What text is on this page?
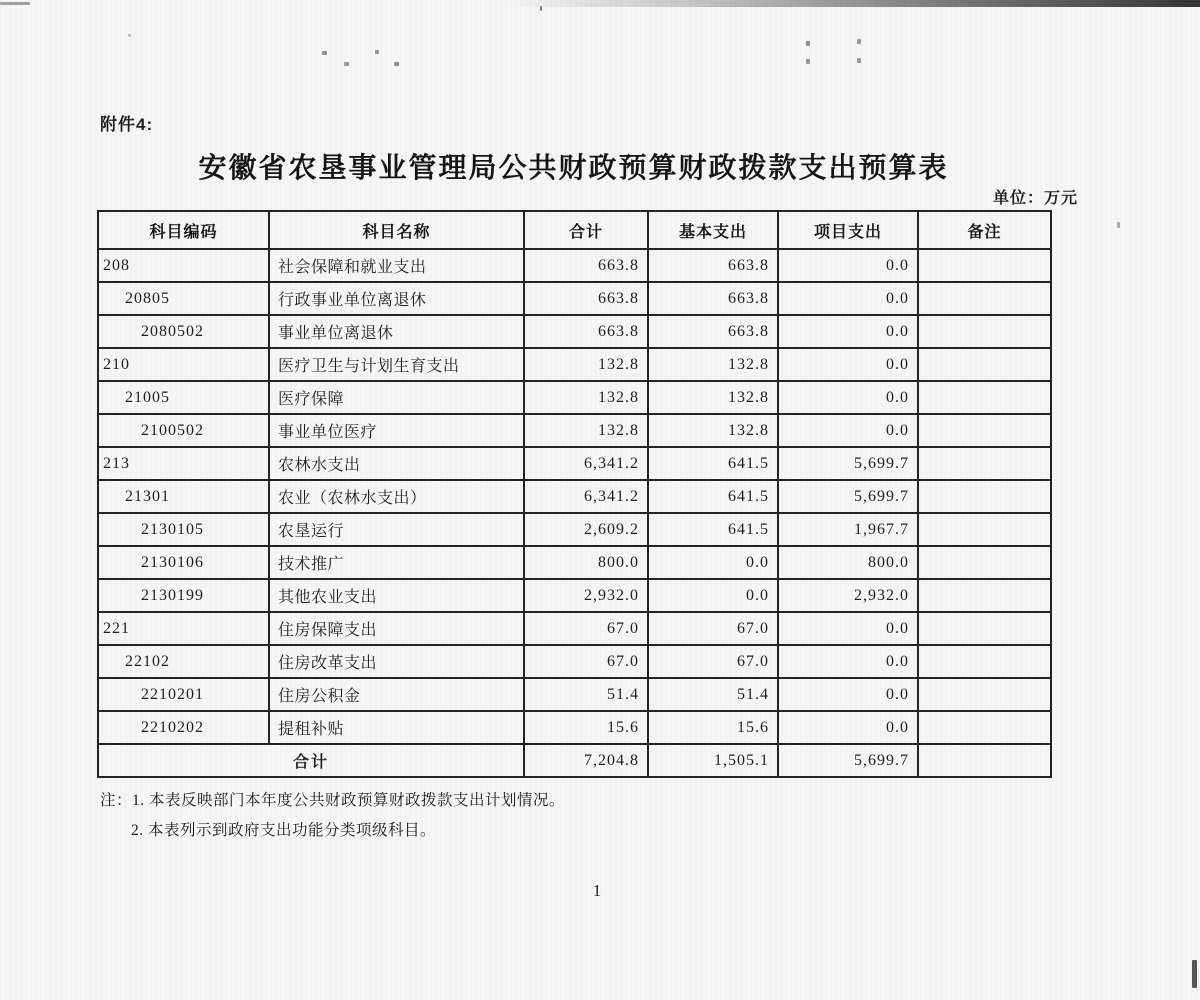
附件4:
安徽省农垦事业管理局公共财政预算财政拨款支出预算表
单位：万元
科目编码	科目名称	合计	基本支出	项目支出	备注
208	社会保障和就业支出	663.8	663.8	0.0	
20805	行政事业单位离退休	663.8	663.8	0.0	
2080502	事业单位离退休	663.8	663.8	0.0	
210	医疗卫生与计划生育支出	132.8	132.8	0.0	
21005	医疗保障	132.8	132.8	0.0	
2100502	事业单位医疗	132.8	132.8	0.0	
213	农林水支出	6,341.2	641.5	5,699.7	
21301	农业（农林水支出）	6,341.2	641.5	5,699.7	
2130105	农垦运行	2,609.2	641.5	1,967.7	
2130106	技术推广	800.0	0.0	800.0	
2130199	其他农业支出	2,932.0	0.0	2,932.0	
221	住房保障支出	67.0	67.0	0.0	
22102	住房改革支出	67.0	67.0	0.0	
2210201	住房公积金	51.4	51.4	0.0	
2210202	提租补贴	15.6	15.6	0.0	
合计		7,204.8	1,505.1	5,699.7	
注：1. 本表反映部门本年度公共财政预算财政拨款支出计划情况。
2. 本表列示到政府支出功能分类项级科目。
1
